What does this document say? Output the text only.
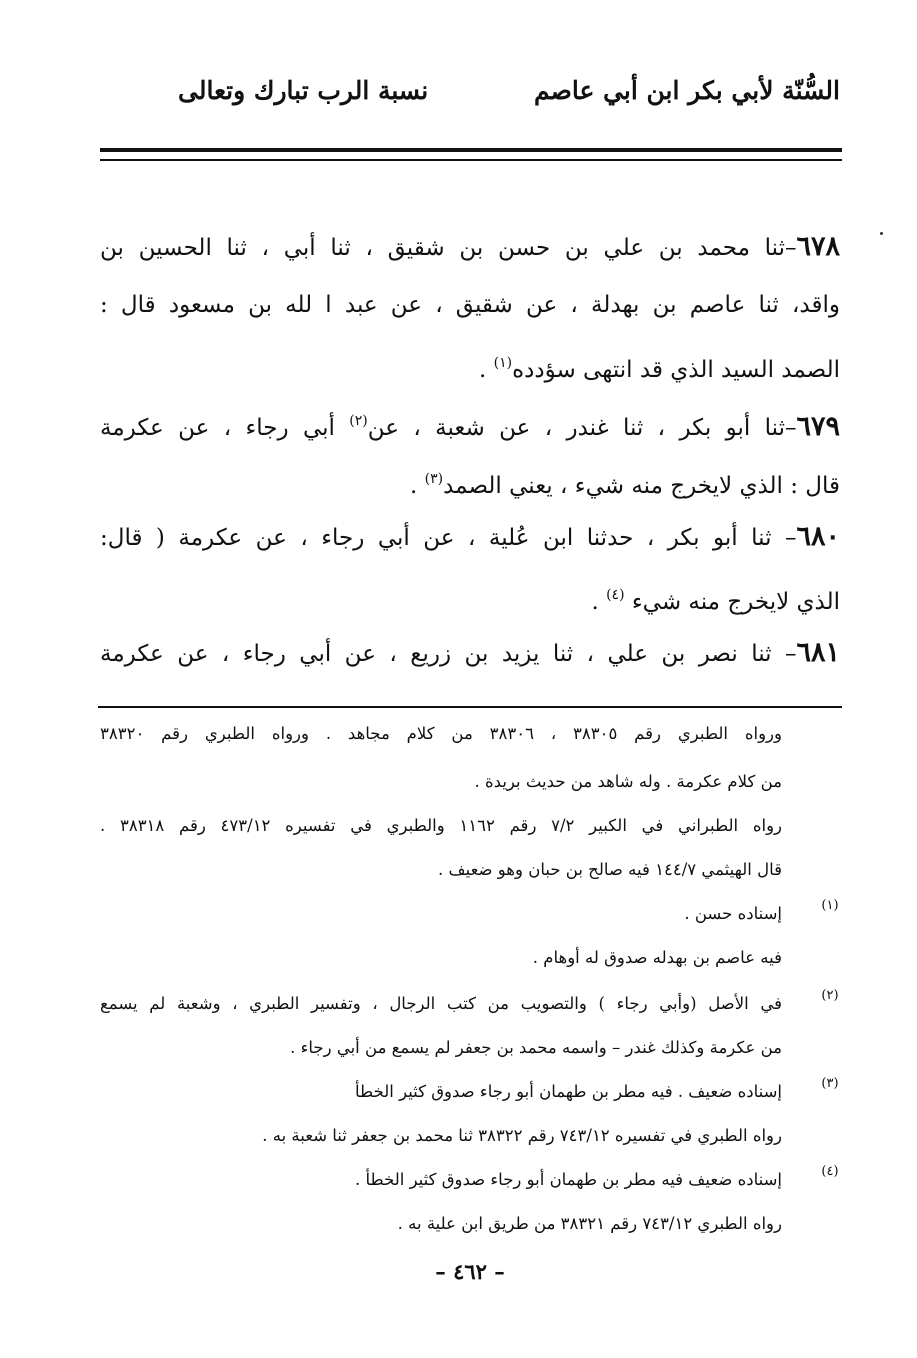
السُّنّة لأبي بكر ابن أبي عاصم
نسبة الرب تبارك وتعالى
٦٧٨–ثنا محمد بن علي بن حسن بن شقيق ، ثنا أبي ، ثنا الحسين بن
واقد، ثنا عاصم بن بهدلة ، عن شقيق ، عن عبد ا لله بن مسعود قال :
الصمد السيد الذي قد انتهى سؤدده$^{(١)}$ .
٦٧٩–ثنا أبو بكر ، ثنا غندر ، عن شعبة ، عن$^{(٢)}$ أبي رجاء ، عن عكرمة
قال : الذي لايخرج منه شيء ، يعني الصمد$^{(٣)}$ .
٦٨٠– ثنا أبو بكر ، حدثنا ابن عُلية ، عن أبي رجاء ، عن عكرمة ( قال:
الذي لايخرج منه شيء $^{(٤)}$ .
٦٨١– ثنا نصر بن علي ، ثنا يزيد بن زريع ، عن أبي رجاء ، عن عكرمة
ورواه الطبري رقم ٣٨٣٠٥ ، ٣٨٣٠٦ من كلام مجاهد . ورواه الطبري رقم ٣٨٣٢٠
من كلام عكرمة . وله شاهد من حديث بريدة .
رواه الطبراني في الكبير ٧/٢ رقم ١١٦٢ والطبري في تفسيره ٤٧٣/١٢ رقم ٣٨٣١٨ .
قال الهيثمي ١٤٤/٧ فيه صالح بن حبان وهو ضعيف .
(١)
إسناده حسن .
فيه عاصم بن بهدله صدوق له أوهام .
(٢)
في الأصل (وأبي رجاء ) والتصويب من كتب الرجال ، وتفسير الطبري ، وشعبة لم يسمع
من عكرمة وكذلك غندر – واسمه محمد بن جعفر لم يسمع من أبي رجاء .
(٣)
إسناده ضعيف . فيه مطر بن طهمان أبو رجاء صدوق كثير الخطأ
رواه الطبري في تفسيره ٧٤٣/١٢ رقم ٣٨٣٢٢ ثنا محمد بن جعفر ثنا شعبة به .
(٤)
إسناده ضعيف فيه مطر بن طهمان أبو رجاء صدوق كثير الخطأ .
رواه الطبري ٧٤٣/١٢ رقم ٣٨٣٢١ من طريق ابن علية به .
– ٤٦٢ –
